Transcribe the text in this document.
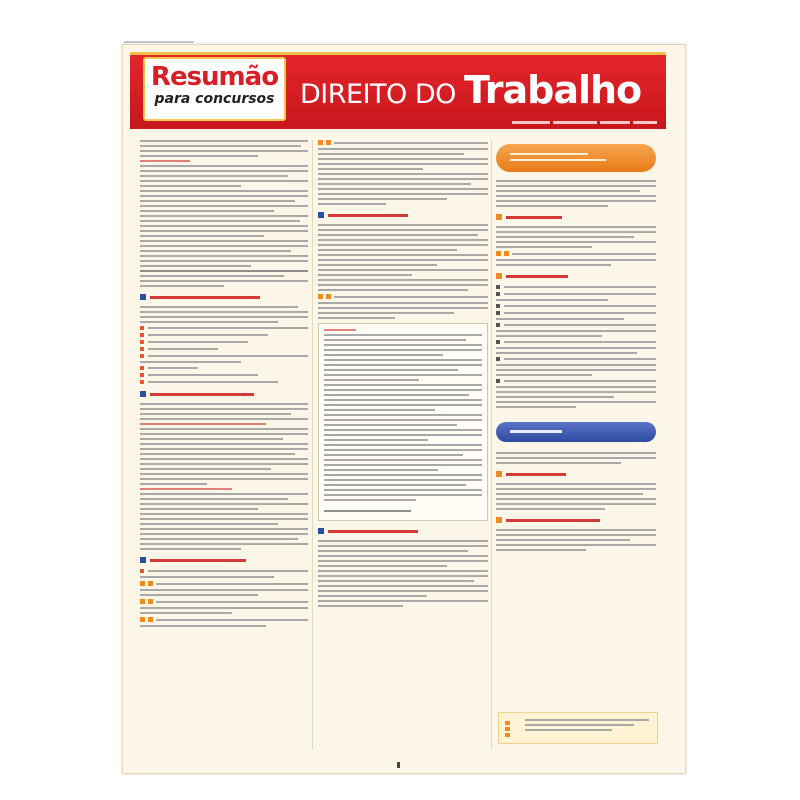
Resumão
para concursos DIREITO DO Trabalho
